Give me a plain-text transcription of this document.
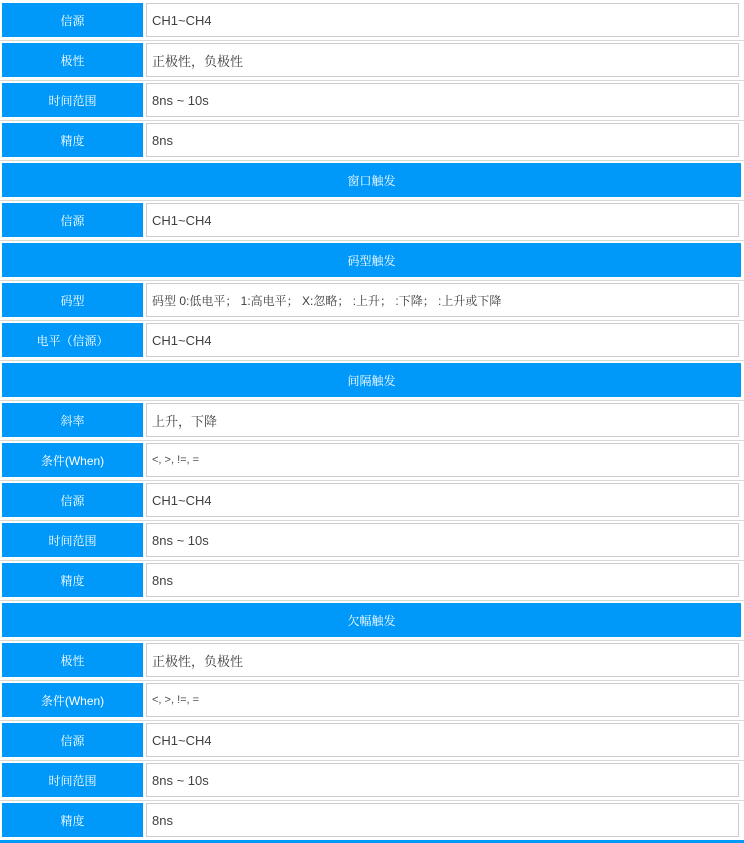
信源	CH1~CH4
极性	正极性，负极性
时间范围	8ns ~ 10s
精度	8ns
窗口触发
信源	CH1~CH4
码型触发
码型	码型 0:低电平； 1:高电平； X:忽略； :上升； :下降； :上升或下降
电平（信源）	CH1~CH4
间隔触发
斜率	上升，下降
条件(When)	<, >, !=, =
信源	CH1~CH4
时间范围	8ns ~ 10s
精度	8ns
欠幅触发
极性	正极性，负极性
条件(When)	<, >, !=, =
信源	CH1~CH4
时间范围	8ns ~ 10s
精度	8ns
